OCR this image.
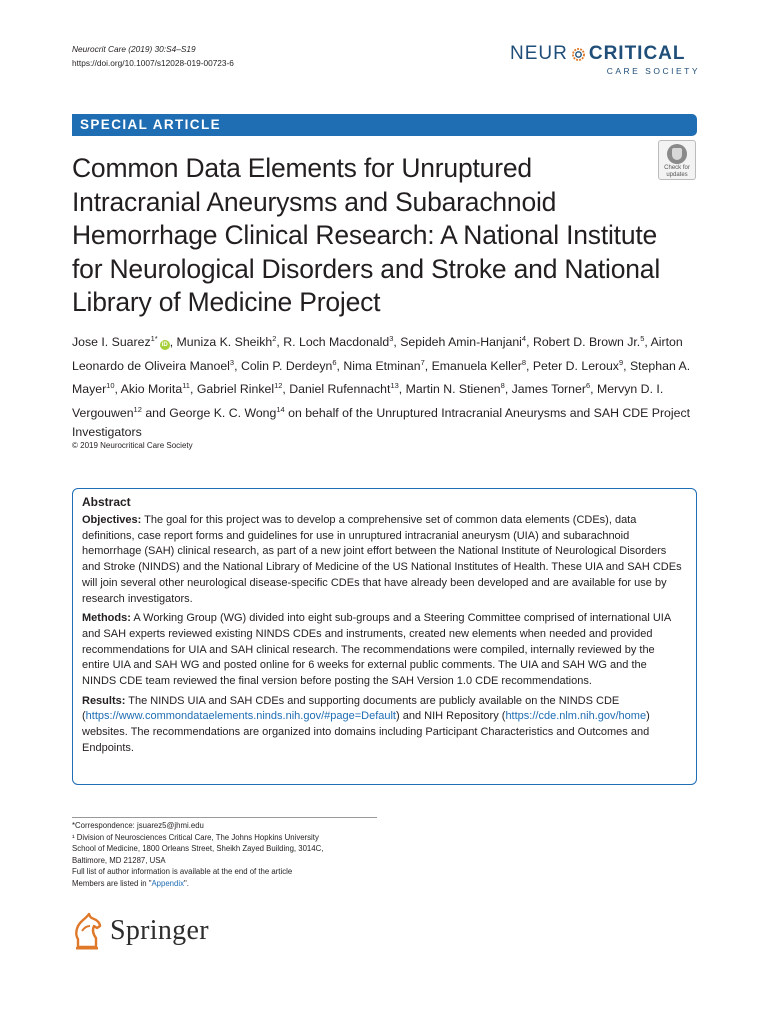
Neurocrit Care (2019) 30:S4–S19
https://doi.org/10.1007/s12028-019-00723-6	NEUR CRITICAL
CARE SOCIETY
SPECIAL ARTICLE
Common Data Elements for Unruptured Intracranial Aneurysms and Subarachnoid Hemorrhage Clinical Research: A National Institute for Neurological Disorders and Stroke and National Library of Medicine Project
Check for
updates
Jose I. Suarez$^{1*}$iD , Muniza K. Sheikh$^2$, R. Loch Macdonald$^3$, Sepideh Amin-Hanjani$^4$, Robert D. Brown Jr.$^5$, Airton Leonardo de Oliveira Manoel$^3$, Colin P. Derdeyn$^6$, Nima Etminan$^7$, Emanuela Keller$^8$, Peter D. Leroux$^9$, Stephan A. Mayer$^{10}$, Akio Morita$^{11}$, Gabriel Rinkel$^{12}$, Daniel Rufennacht$^{13}$, Martin N. Stienen$^8$, James Torner$^6$, Mervyn D. I. Vergouwen$^{12}$ and George K. C. Wong$^{14}$ on behalf of the Unruptured Intracranial Aneurysms and SAH CDE Project Investigators
© 2019 Neurocritical Care Society
Abstract

Objectives: The goal for this project was to develop a comprehensive set of common data elements (CDEs), data definitions, case report forms and guidelines for use in unruptured intracranial aneurysm (UIA) and subarachnoid hemorrhage (SAH) clinical research, as part of a new joint effort between the National Institute of Neurological Disorders and Stroke (NINDS) and the National Library of Medicine of the US National Institutes of Health. These UIA and SAH CDEs will join several other neurological disease-specific CDEs that have already been developed and are available for use by research investigators.

Methods: A Working Group (WG) divided into eight sub-groups and a Steering Committee comprised of international UIA and SAH experts reviewed existing NINDS CDEs and instruments, created new elements when needed and provided recommendations for UIA and SAH clinical research. The recommendations were compiled, internally reviewed by the entire UIA and SAH WG and posted online for 6 weeks for external public comments. The UIA and SAH WG and the NINDS CDE team reviewed the final version before posting the SAH Version 1.0 CDE recommendations.

Results: The NINDS UIA and SAH CDEs and supporting documents are publicly available on the NINDS CDE (https://www.commondataelements.ninds.nih.gov/#page=Default) and NIH Repository (https://cde.nlm.nih.gov/home) websites. The recommendations are organized into domains including Participant Characteristics and Outcomes and Endpoints.

*Correspondence: jsuarez5@jhmi.edu
¹ Division of Neurosciences Critical Care, The Johns Hopkins University
School of Medicine, 1800 Orleans Street, Sheikh Zayed Building, 3014C,
Baltimore, MD 21287, USA
Full list of author information is available at the end of the article
Members are listed in "Appendix".
Springer
